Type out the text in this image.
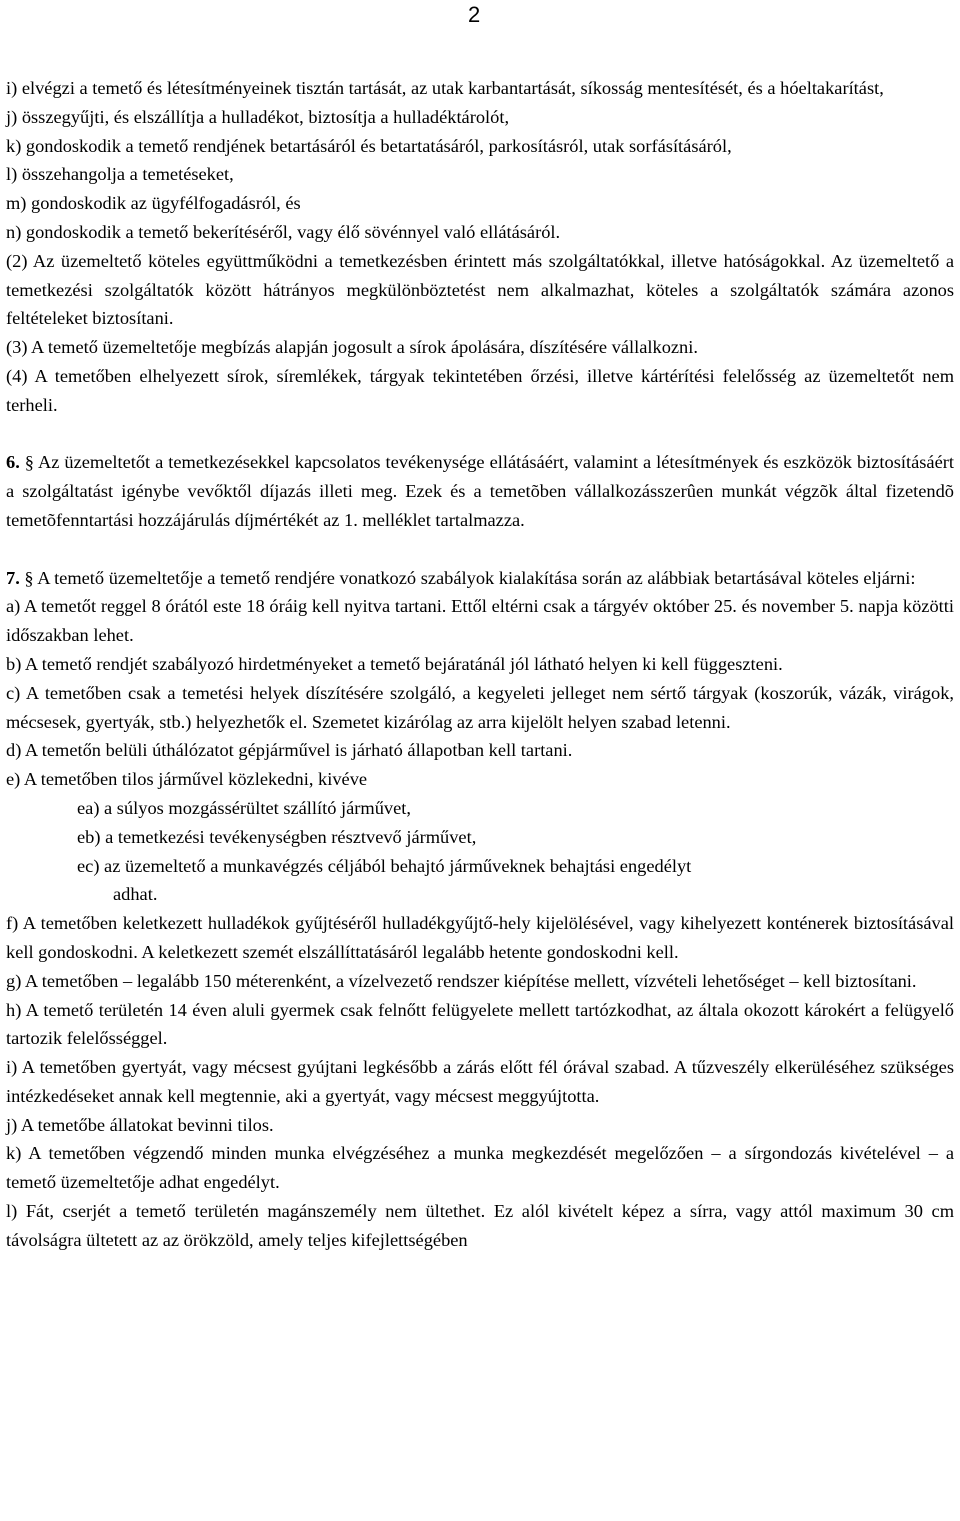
2

i) elvégzi a temető és létesítményeinek tisztán tartását, az utak karbantartását, síkosság mentesítését, és a hóeltakarítást,

j) összegyűjti, és elszállítja a hulladékot, biztosítja a hulladéktárolót,

k) gondoskodik a temető rendjének betartásáról és betartatásáról, parkosításról, utak sorfásításáról,

l) összehangolja a temetéseket,

m) gondoskodik az ügyfélfogadásról, és

n) gondoskodik a temető bekerítéséről, vagy élő sövénnyel való ellátásáról.

(2) Az üzemeltető köteles együttműködni a temetkezésben érintett más szolgáltatókkal, illetve hatóságokkal. Az üzemeltető a temetkezési szolgáltatók között hátrányos megkülönböztetést nem alkalmazhat, köteles a szolgáltatók számára azonos feltételeket biztosítani.

(3) A temető üzemeltetője megbízás alapján jogosult a sírok ápolására, díszítésére vállalkozni.

(4) A temetőben elhelyezett sírok, síremlékek, tárgyak tekintetében őrzési, illetve kártérítési felelősség az üzemeltetőt nem terheli.

6. § Az üzemeltetőt a temetkezésekkel kapcsolatos tevékenysége ellátásáért, valamint a létesítmények és eszközök biztosításáért a szolgáltatást igénybe vevőktől díjazás illeti meg. Ezek és a temetõben vállalkozásszerûen munkát végzõk által fizetendõ temetõfenntartási hozzájárulás díjmértékét az 1. melléklet tartalmazza.

7. § A temető üzemeltetője a temető rendjére vonatkozó szabályok kialakítása során az alábbiak betartásával köteles eljárni:

a) A temetőt reggel 8 órától este 18 óráig kell nyitva tartani. Ettől eltérni csak a tárgyév október 25. és november 5. napja közötti időszakban lehet.

b) A temető rendjét szabályozó hirdetményeket a temető bejáratánál jól látható helyen ki kell függeszteni.

c) A temetőben csak a temetési helyek díszítésére szolgáló, a kegyeleti jelleget nem sértő tárgyak (koszorúk, vázák, virágok, mécsesek, gyertyák, stb.) helyezhetők el. Szemetet kizárólag az arra kijelölt helyen szabad letenni.

d) A temetőn belüli úthálózatot gépjárművel is járható állapotban kell tartani.

e) A temetőben tilos járművel közlekedni, kivéve

ea) a súlyos mozgássérültet szállító járművet,

eb) a temetkezési tevékenységben résztvevő járművet,

ec) az üzemeltető a munkavégzés céljából behajtó járműveknek behajtási engedélyt

adhat.

f) A temetőben keletkezett hulladékok gyűjtéséről hulladékgyűjtő-hely kijelölésével, vagy kihelyezett konténerek biztosításával kell gondoskodni. A keletkezett szemét elszállíttatásáról legalább hetente gondoskodni kell.

g) A temetőben – legalább 150 méterenként, a vízelvezető rendszer kiépítése mellett, vízvételi lehetőséget – kell biztosítani.

h) A temető területén 14 éven aluli gyermek csak felnőtt felügyelete mellett tartózkodhat, az általa okozott károkért a felügyelő tartozik felelősséggel.

i) A temetőben gyertyát, vagy mécsest gyújtani legkésőbb a zárás előtt fél órával szabad. A tűzveszély elkerüléséhez szükséges intézkedéseket annak kell megtennie, aki a gyertyát, vagy mécsest meggyújtotta.

j) A temetőbe állatokat bevinni tilos.

k) A temetőben végzendő minden munka elvégzéséhez a munka megkezdését megelőzően – a sírgondozás kivételével – a temető üzemeltetője adhat engedélyt.

l) Fát, cserjét a temető területén magánszemély nem ültethet. Ez alól kivételt képez a sírra, vagy attól maximum 30 cm távolságra ültetett az az örökzöld, amely teljes kifejlettségében
